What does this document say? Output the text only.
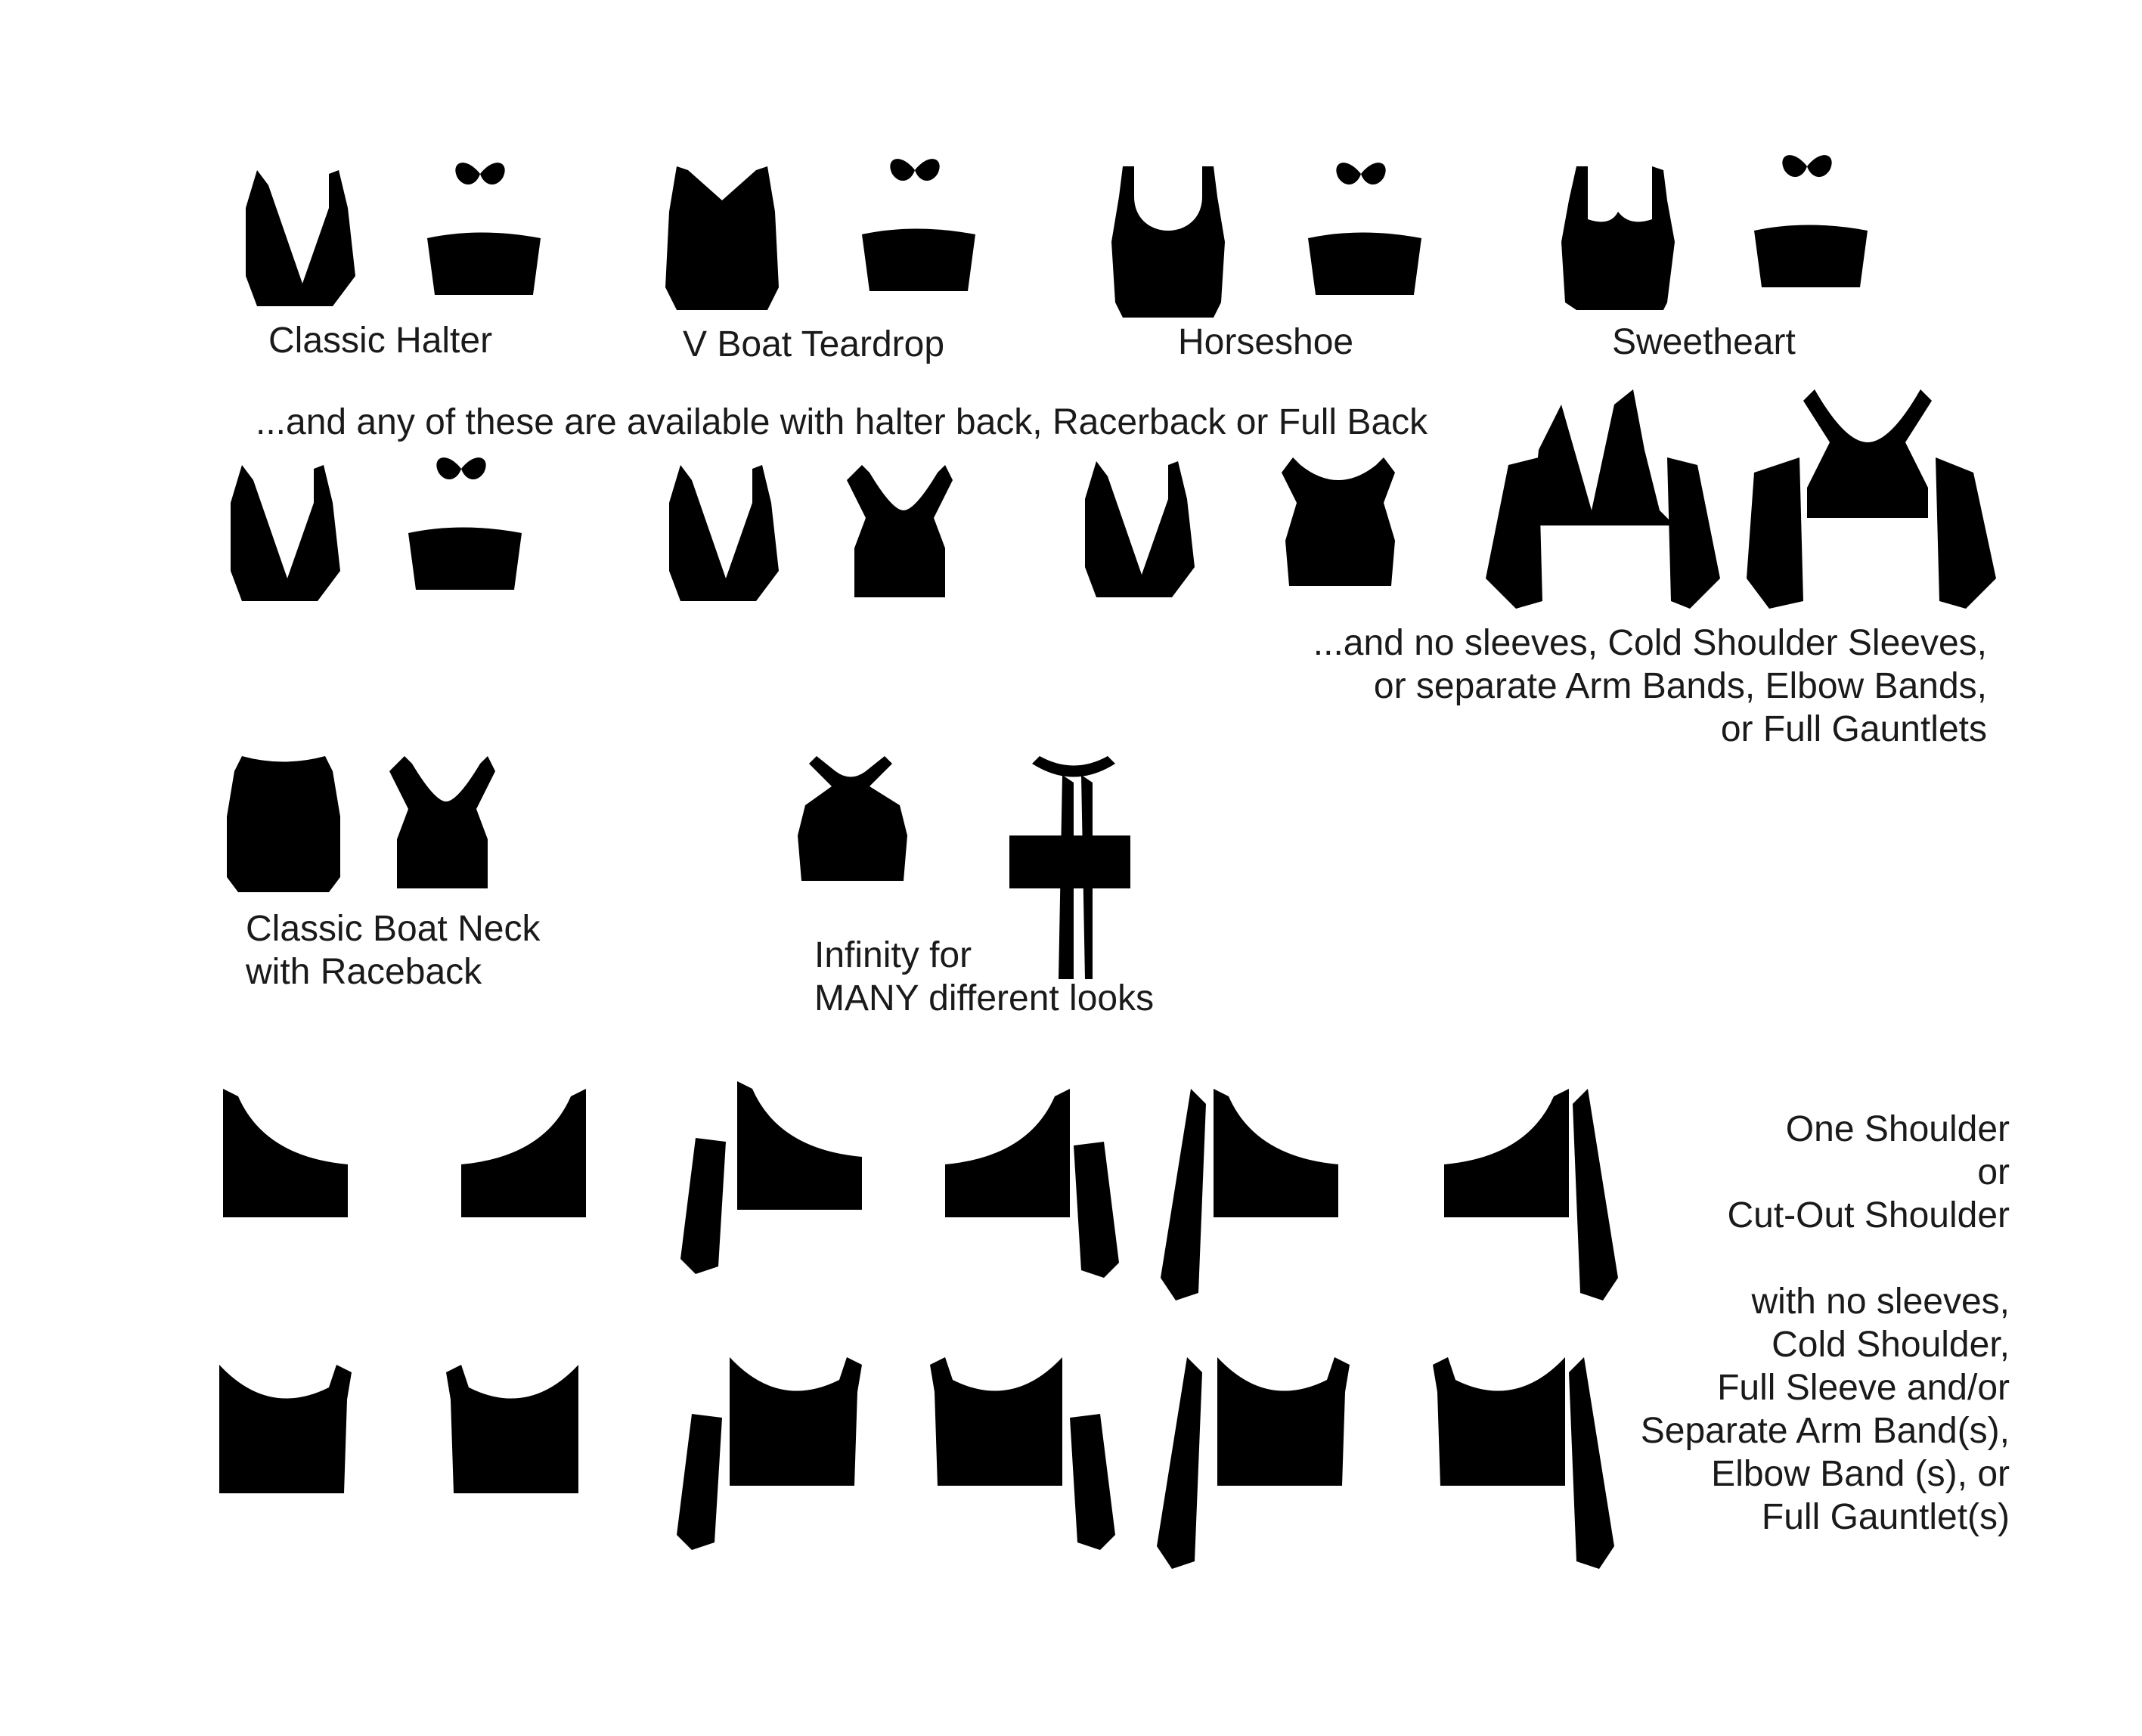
Classic Halter	V Boat Teardrop	Horseshoe	Sweetheart
...and any of these are available with halter back, Racerback or Full Back
...and no sleeves, Cold Shoulder Sleeves,
or separate Arm Bands, Elbow Bands,
or Full Gauntlets
Classic Boat Neck
with Raceback	Infinity for
MANY different looks
One Shoulder
or
Cut-Out Shoulder
with no sleeves,
Cold Shoulder,
Full Sleeve and/or
Separate Arm Band(s),
Elbow Band (s), or
Full Gauntlet(s)
